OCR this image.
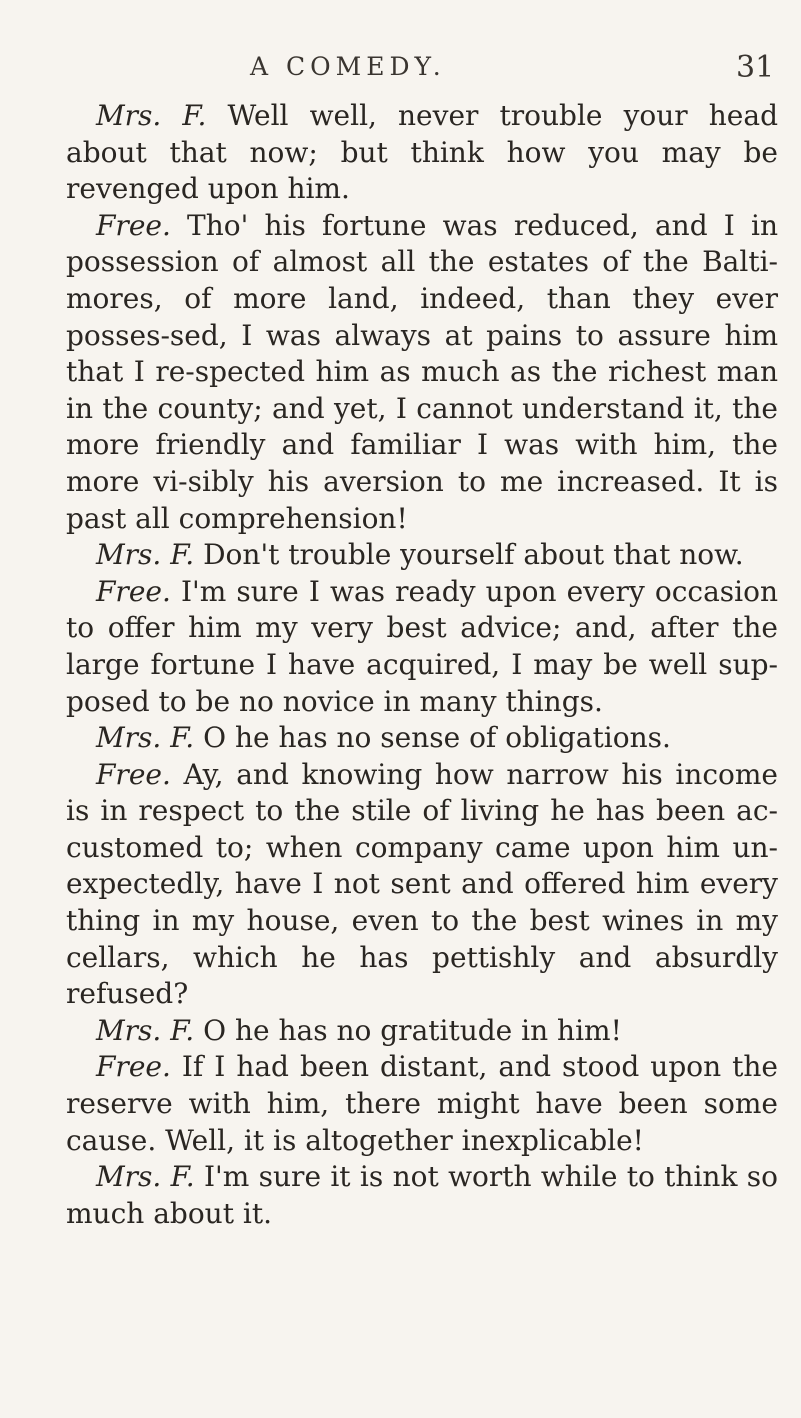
A COMEDY.	31

Mrs. F. Well well, never trouble your head about that now; but think how you may be revenged upon him.

Free. Tho' his fortune was reduced, and I in possession of almost all the estates of the Balti-mores, of more land, indeed, than they ever posses-sed, I was always at pains to assure him that I re-spected him as much as the richest man in the county; and yet, I cannot understand it, the more friendly and familiar I was with him, the more vi-sibly his aversion to me increased. It is past all comprehension!

Mrs. F. Don't trouble yourself about that now.

Free. I'm sure I was ready upon every occasion to offer him my very best advice; and, after the large fortune I have acquired, I may be well sup-posed to be no novice in many things.

Mrs. F. O he has no sense of obligations.

Free. Ay, and knowing how narrow his income is in respect to the stile of living he has been ac-customed to; when company came upon him un-expectedly, have I not sent and offered him every thing in my house, even to the best wines in my cellars, which he has pettishly and absurdly refused?

Mrs. F. O he has no gratitude in him!

Free. If I had been distant, and stood upon the reserve with him, there might have been some cause. Well, it is altogether inexplicable!

Mrs. F. I'm sure it is not worth while to think so much about it.
